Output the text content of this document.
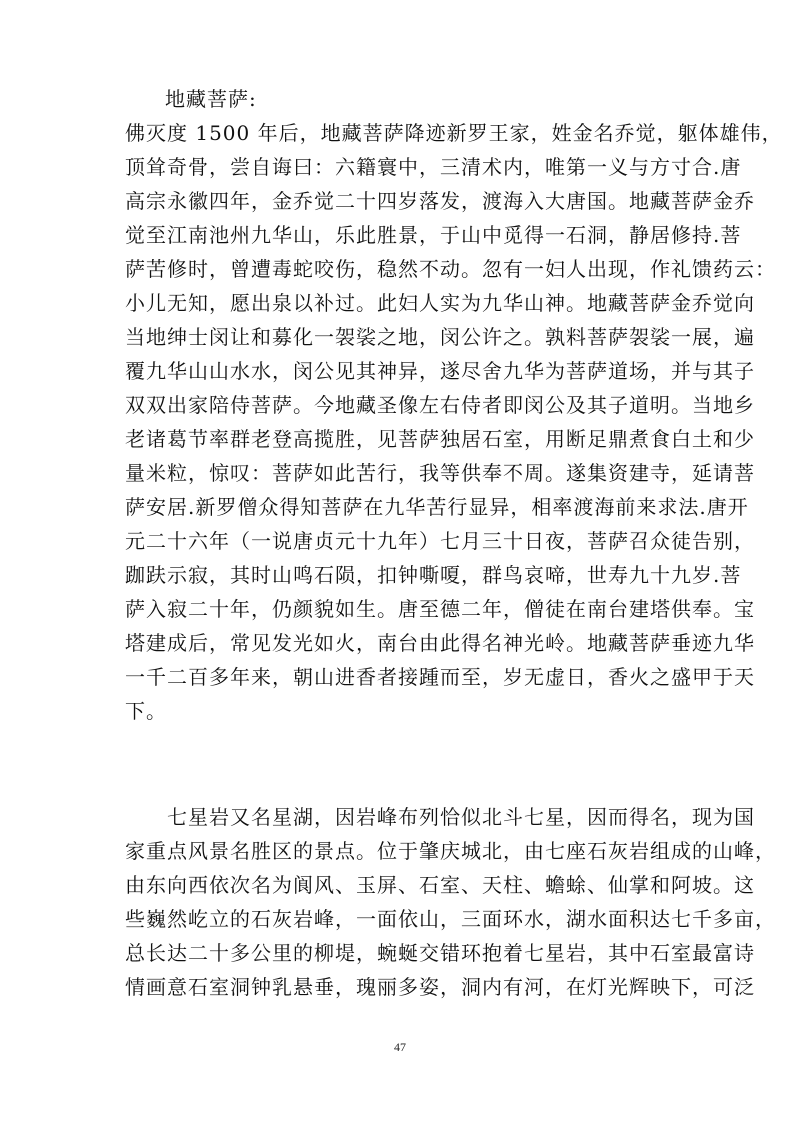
地藏菩萨:
佛灭度 1500 年后，地藏菩萨降迹新罗王家，姓金名乔觉，躯体雄伟，
顶耸奇骨，尝自诲曰：六籍寰中，三清术内，唯第一义与方寸合.唐
高宗永徽四年，金乔觉二十四岁落发，渡海入大唐国。地藏菩萨金乔
觉至江南池州九华山，乐此胜景，于山中觅得一石洞，静居修持.菩
萨苦修时，曾遭毒蛇咬伤，稳然不动。忽有一妇人出现，作礼馈药云：
小儿无知，愿出泉以补过。此妇人实为九华山神。地藏菩萨金乔觉向
当地绅士闵让和募化一袈裟之地，闵公许之。孰料菩萨袈裟一展，遍
覆九华山山水水，闵公见其神异，遂尽舍九华为菩萨道场，并与其子
双双出家陪侍菩萨。今地藏圣像左右侍者即闵公及其子道明。当地乡
老诸葛节率群老登高揽胜，见菩萨独居石室，用断足鼎煮食白土和少
量米粒，惊叹：菩萨如此苦行，我等供奉不周。遂集资建寺，延请菩
萨安居.新罗僧众得知菩萨在九华苦行显异，相率渡海前来求法.唐开
元二十六年（一说唐贞元十九年）七月三十日夜，菩萨召众徒告别，
跏趺示寂，其时山鸣石陨，扣钟嘶嗄，群鸟哀啼，世寿九十九岁.菩
萨入寂二十年，仍颜貌如生。唐至德二年，僧徒在南台建塔供奉。宝
塔建成后，常见发光如火，南台由此得名神光岭。地藏菩萨垂迹九华
一千二百多年来，朝山进香者接踵而至，岁无虚日，香火之盛甲于天
下。
　　七星岩又名星湖，因岩峰布列恰似北斗七星，因而得名，现为国
家重点风景名胜区的景点。位于肇庆城北，由七座石灰岩组成的山峰，
由东向西依次名为阆风、玉屏、石室、天柱、蟾蜍、仙掌和阿坡。这
些巍然屹立的石灰岩峰，一面依山，三面环水，湖水面积达七千多亩，
总长达二十多公里的柳堤，蜿蜒交错环抱着七星岩，其中石室最富诗
情画意石室洞钟乳悬垂，瑰丽多姿，洞内有河，在灯光辉映下，可泛
47
